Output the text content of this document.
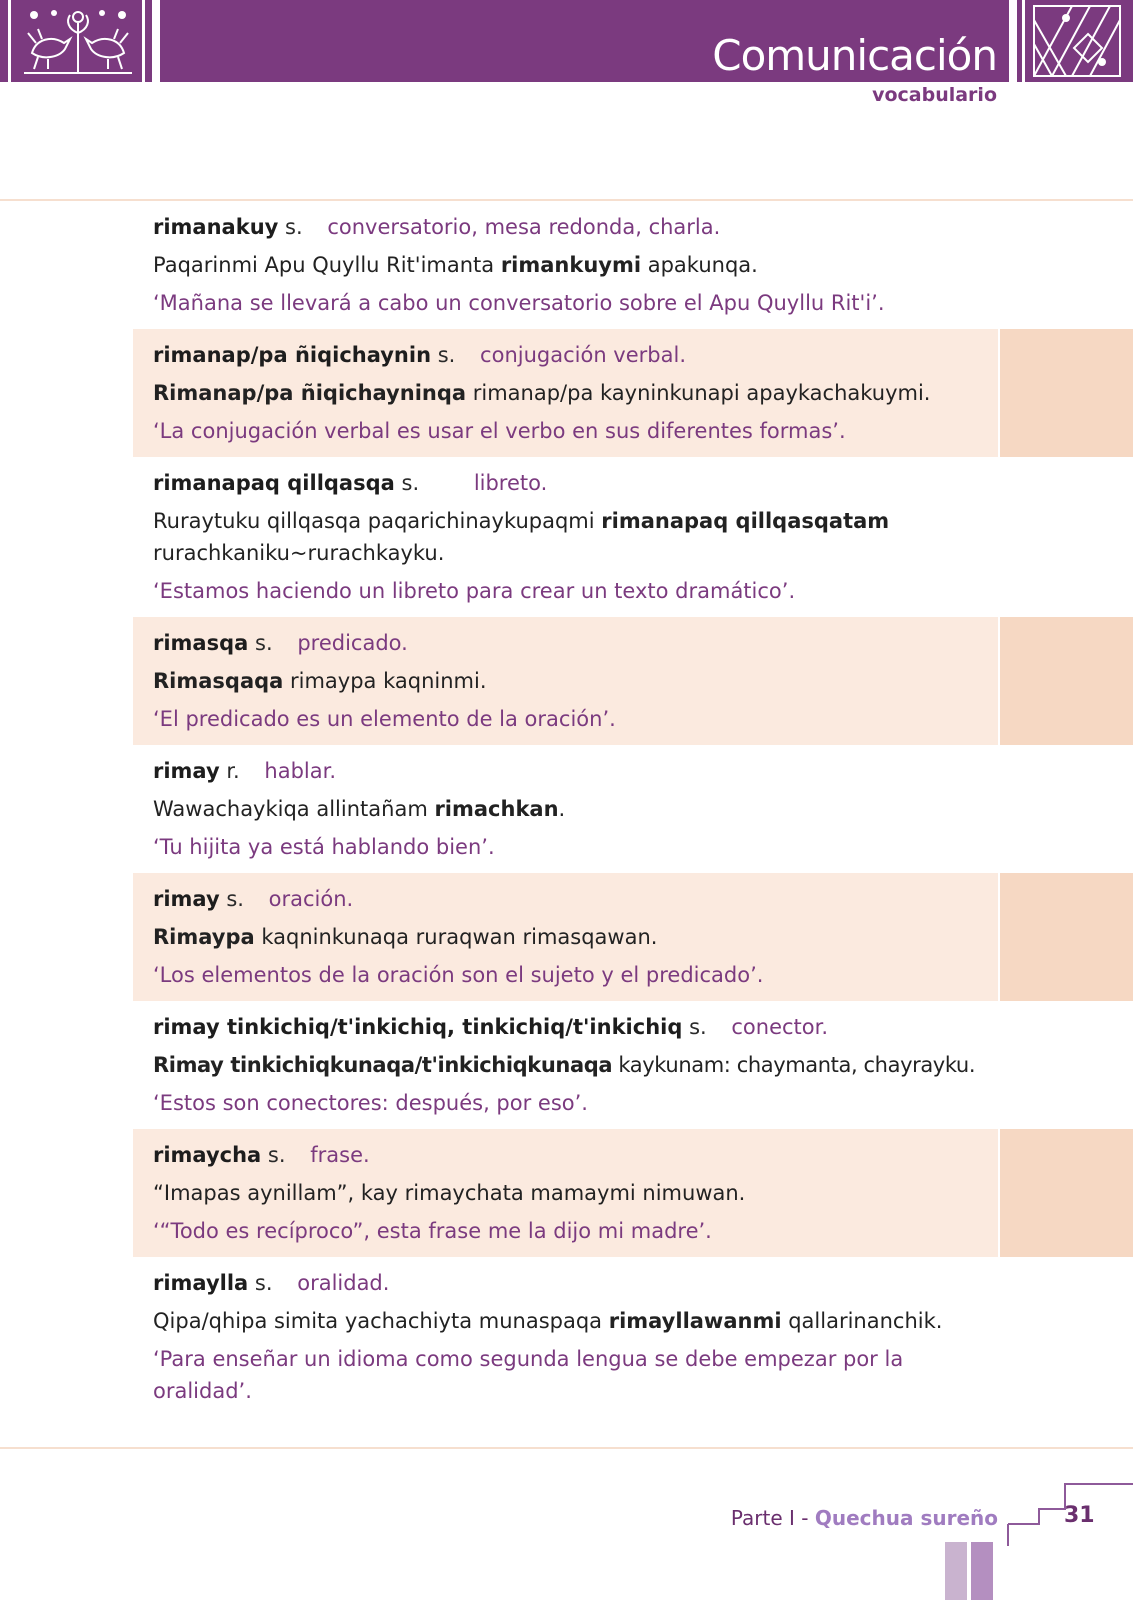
Comunicación
vocabulario
rimanakuy s. conversatorio, mesa redonda, charla.
Paqarinmi Apu Quyllu Rit'imanta rimankuymi apakunqa.
‘Mañana se llevará a cabo un conversatorio sobre el Apu Quyllu Rit'i’.
rimanap/pa ñiqichaynin s. conjugación verbal.
Rimanap/pa ñiqichayninqa rimanap/pa kayninkunapi apaykachakuymi.
‘La conjugación verbal es usar el verbo en sus diferentes formas’.
rimanapaq qillqasqa s.	libreto.
Ruraytuku qillqasqa paqarichinaykupaqmi rimanapaq qillqasqatam rurachkaniku~rurachkayku.
‘Estamos haciendo un libreto para crear un texto dramático’.
rimasqa s. predicado.
Rimasqaqa rimaypa kaqninmi.
‘El predicado es un elemento de la oración’.
rimay r. hablar.
Wawachaykiqa allintañam rimachkan.
‘Tu hijita ya está hablando bien’.
rimay s. oración.
Rimaypa kaqninkunaqa ruraqwan rimasqawan.
‘Los elementos de la oración son el sujeto y el predicado’.
rimay tinkichiq/t'inkichiq, tinkichiq/t'inkichiq s. conector.
Rimay tinkichiqkunaqa/t'inkichiqkunaqa kaykunam: chaymanta, chayrayku.
‘Estos son conectores: después, por eso’.
rimaycha s. frase.
“Imapas aynillam”, kay rimaychata mamaymi nimuwan.
‘“Todo es recíproco”, esta frase me la dijo mi madre’.
rimaylla s. oralidad.
Qipa/qhipa simita yachachiyta munaspaqa rimayllawanmi qallarinanchik.
‘Para enseñar un idioma como segunda lengua se debe empezar por la oralidad’.
Parte I - Quechua sureño	31
